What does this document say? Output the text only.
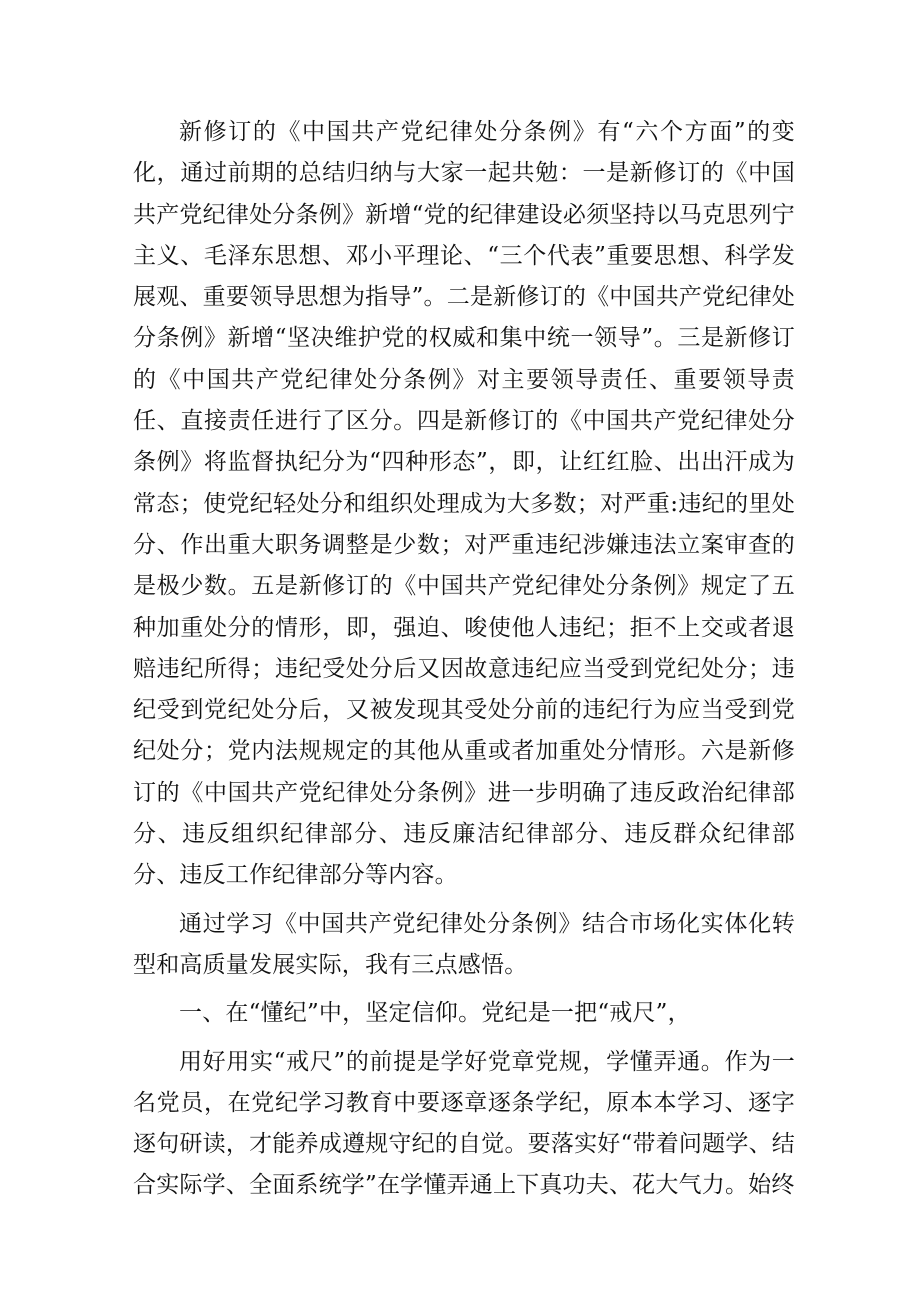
新修订的《中国共产党纪律处分条例》有“六个方面”的变化，通过前期的总结归纳与大家一起共勉：一是新修订的《中国共产党纪律处分条例》新增“党的纪律建设必须坚持以马克思列宁主义、毛泽东思想、邓小平理论、“三个代表”重要思想、科学发展观、重要领导思想为指导”。二是新修订的《中国共产党纪律处分条例》新增“坚决维护党的权威和集中统一领导”。三是新修订的《中国共产党纪律处分条例》对主要领导责任、重要领导责任、直接责任进行了区分。四是新修订的《中国共产党纪律处分条例》将监督执纪分为“四种形态”，即，让红红脸、出出汗成为常态；使党纪轻处分和组织处理成为大多数；对严重:违纪的里处分、作出重大职务调整是少数；对严重违纪涉嫌违法立案审查的是极少数。五是新修订的《中国共产党纪律处分条例》规定了五种加重处分的情形，即，强迫、唆使他人违纪；拒不上交或者退赔违纪所得；违纪受处分后又因故意违纪应当受到党纪处分；违纪受到党纪处分后，又被发现其受处分前的违纪行为应当受到党纪处分；党内法规规定的其他从重或者加重处分情形。六是新修订的《中国共产党纪律处分条例》进一步明确了违反政治纪律部分、违反组织纪律部分、违反廉洁纪律部分、违反群众纪律部分、违反工作纪律部分等内容。

通过学习《中国共产党纪律处分条例》结合市场化实体化转型和高质量发展实际，我有三点感悟。

一、在“懂纪”中，坚定信仰。党纪是一把“戒尺”，

用好用实“戒尺”的前提是学好党章党规，学懂弄通。作为一名党员，在党纪学习教育中要逐章逐条学纪，原本本学习、逐字逐句研读，才能养成遵规守纪的自觉。要落实好“带着问题学、结合实际学、全面系统学”在学懂弄通上下真功夫、花大气力。始终
